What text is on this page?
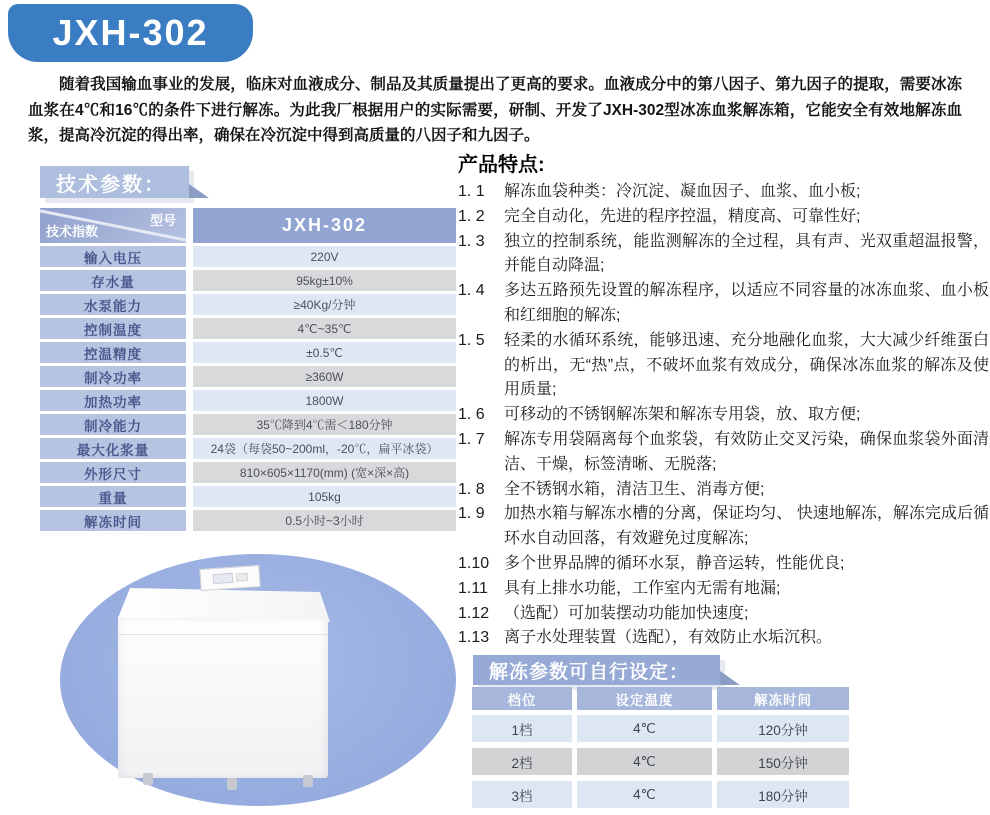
JXH-302

随着我国输血事业的发展，临床对血液成分、制品及其质量提出了更高的要求。血液成分中的第八因子、第九因子的提取，需要冰冻血浆在4℃和16℃的条件下进行解冻。为此我厂根据用户的实际需要，研制、开发了JXH-302型冰冻血浆解冻箱，它能安全有效地解冻血浆，提高冷沉淀的得出率，确保在冷沉淀中得到高质量的八因子和九因子。

技术参数：
型号
技术指数	JXH-302
输入电压	220V
存水量	95kg±10%
水泵能力	≥40Kg/分钟
控制温度	4℃~35℃
控温精度	±0.5℃
制冷功率	≥360W
加热功率	1800W
制冷能力	35℃降到4℃需＜180分钟
最大化浆量	24袋（每袋50~200ml，-20℃，扁平冰袋）
外形尺寸	810×605×1170(mm) (宽×深×高)
重量	105kg
解冻时间	0.5小时~3小时
产品特点:
1. 1	解冻血袋种类：冷沉淀、凝血因子、血浆、血小板;
1. 2	完全自动化，先进的程序控温，精度高、可靠性好;
1. 3	独立的控制系统，能监测解冻的全过程，具有声、光双重超温报警，并能自动降温;
1. 4	多达五路预先设置的解冻程序，以适应不同容量的冰冻血浆、血小板和红细胞的解冻;
1. 5	轻柔的水循环系统，能够迅速、充分地融化血浆，大大减少纤维蛋白的析出，无“热”点，不破坏血浆有效成分，确保冰冻血浆的解冻及使用质量;
1. 6	可移动的不锈钢解冻架和解冻专用袋，放、取方便;
1. 7	解冻专用袋隔离每个血浆袋，有效防止交叉污染，确保血浆袋外面清洁、干燥，标签清晰、无脱落;
1. 8	全不锈钢水箱，清洁卫生、消毒方便;
1. 9	加热水箱与解冻水槽的分离，保证均匀、 快速地解冻，解冻完成后循环水自动回落，有效避免过度解冻;
1.10 多个世界品牌的循环水泵，静音运转，性能优良;
1.11	具有上排水功能，工作室内无需有地漏;
1.12 （选配）可加装摆动功能加快速度;
1.13 离子水处理装置（选配），有效防止水垢沉积。
解冻参数可自行设定：
档位	设定温度	解冻时间
1档	4℃	120分钟
2档	4℃	150分钟
3档	4℃	180分钟
